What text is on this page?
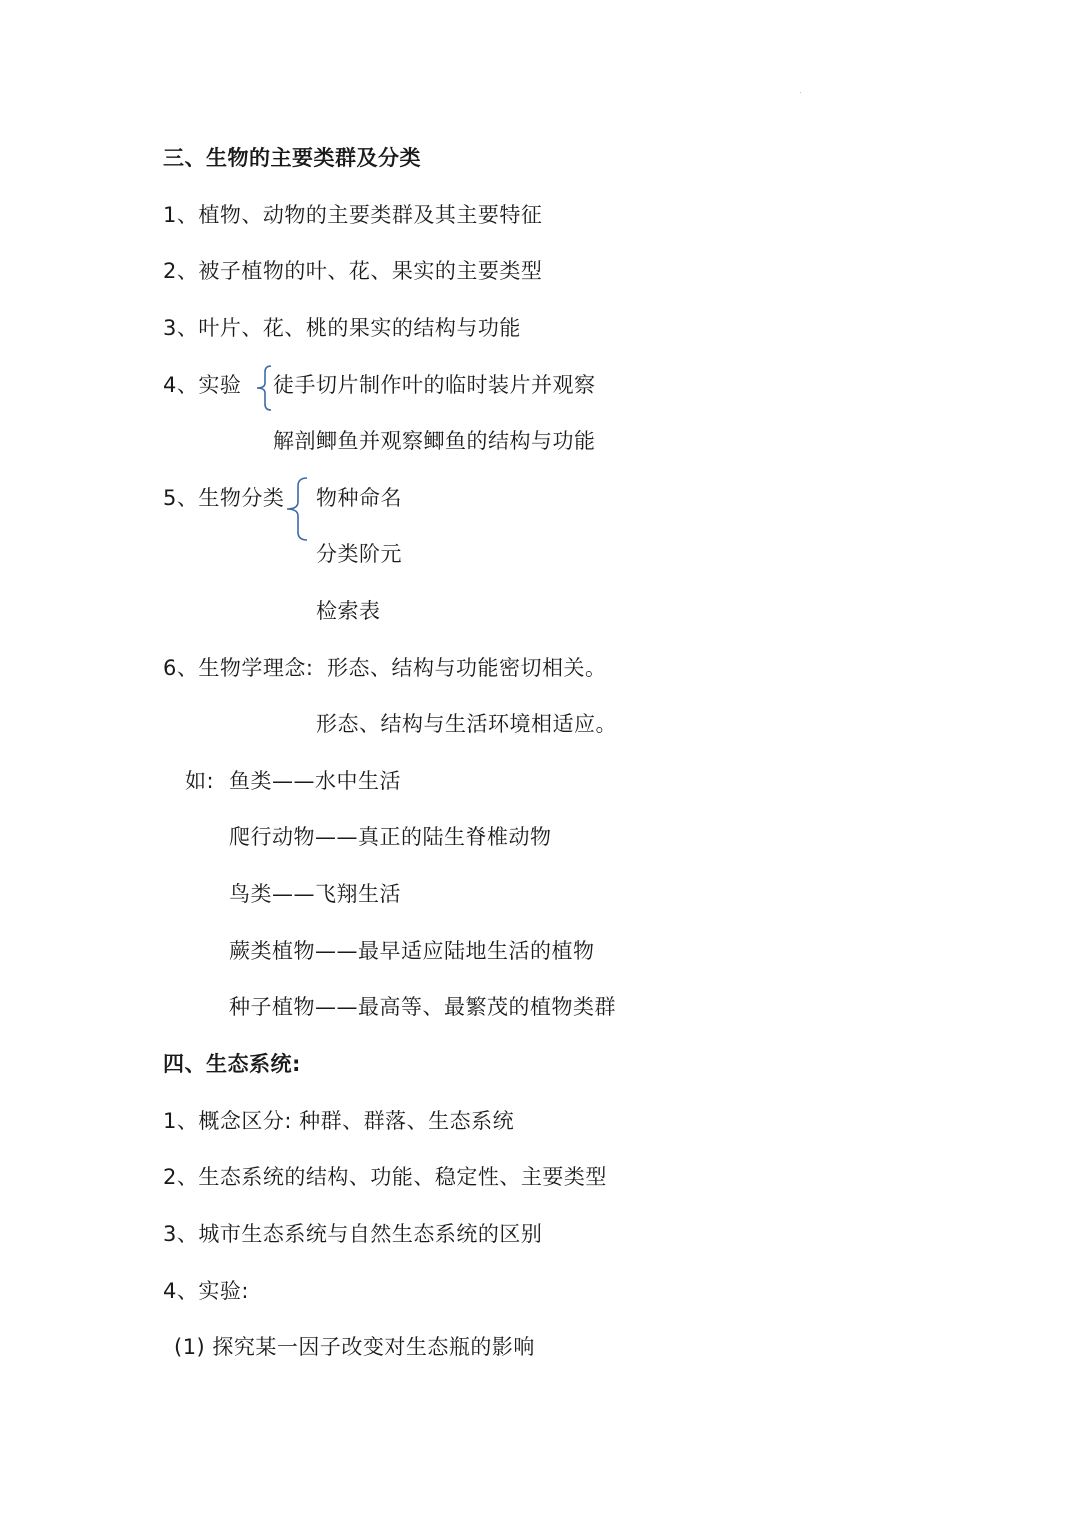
三、生物的主要类群及分类
1、植物、动物的主要类群及其主要特征
2、被子植物的叶、花、果实的主要类型
3、叶片、花、桃的果实的结构与功能
4、实验 徒手切片制作叶的临时装片并观察
解剖鲫鱼并观察鲫鱼的结构与功能
5、生物分类 物种命名
分类阶元
检索表
6、生物学理念: 形态、结构与功能密切相关。
形态、结构与生活环境相适应。
如: 鱼类——水中生活
爬行动物——真正的陆生脊椎动物
鸟类——飞翔生活
蕨类植物——最早适应陆地生活的植物
种子植物——最高等、最繁茂的植物类群
四、生态系统:
1、概念区分: 种群、群落、生态系统
2、生态系统的结构、功能、稳定性、主要类型
3、城市生态系统与自然生态系统的区别
4、实验:
(1) 探究某一因子改变对生态瓶的影响
